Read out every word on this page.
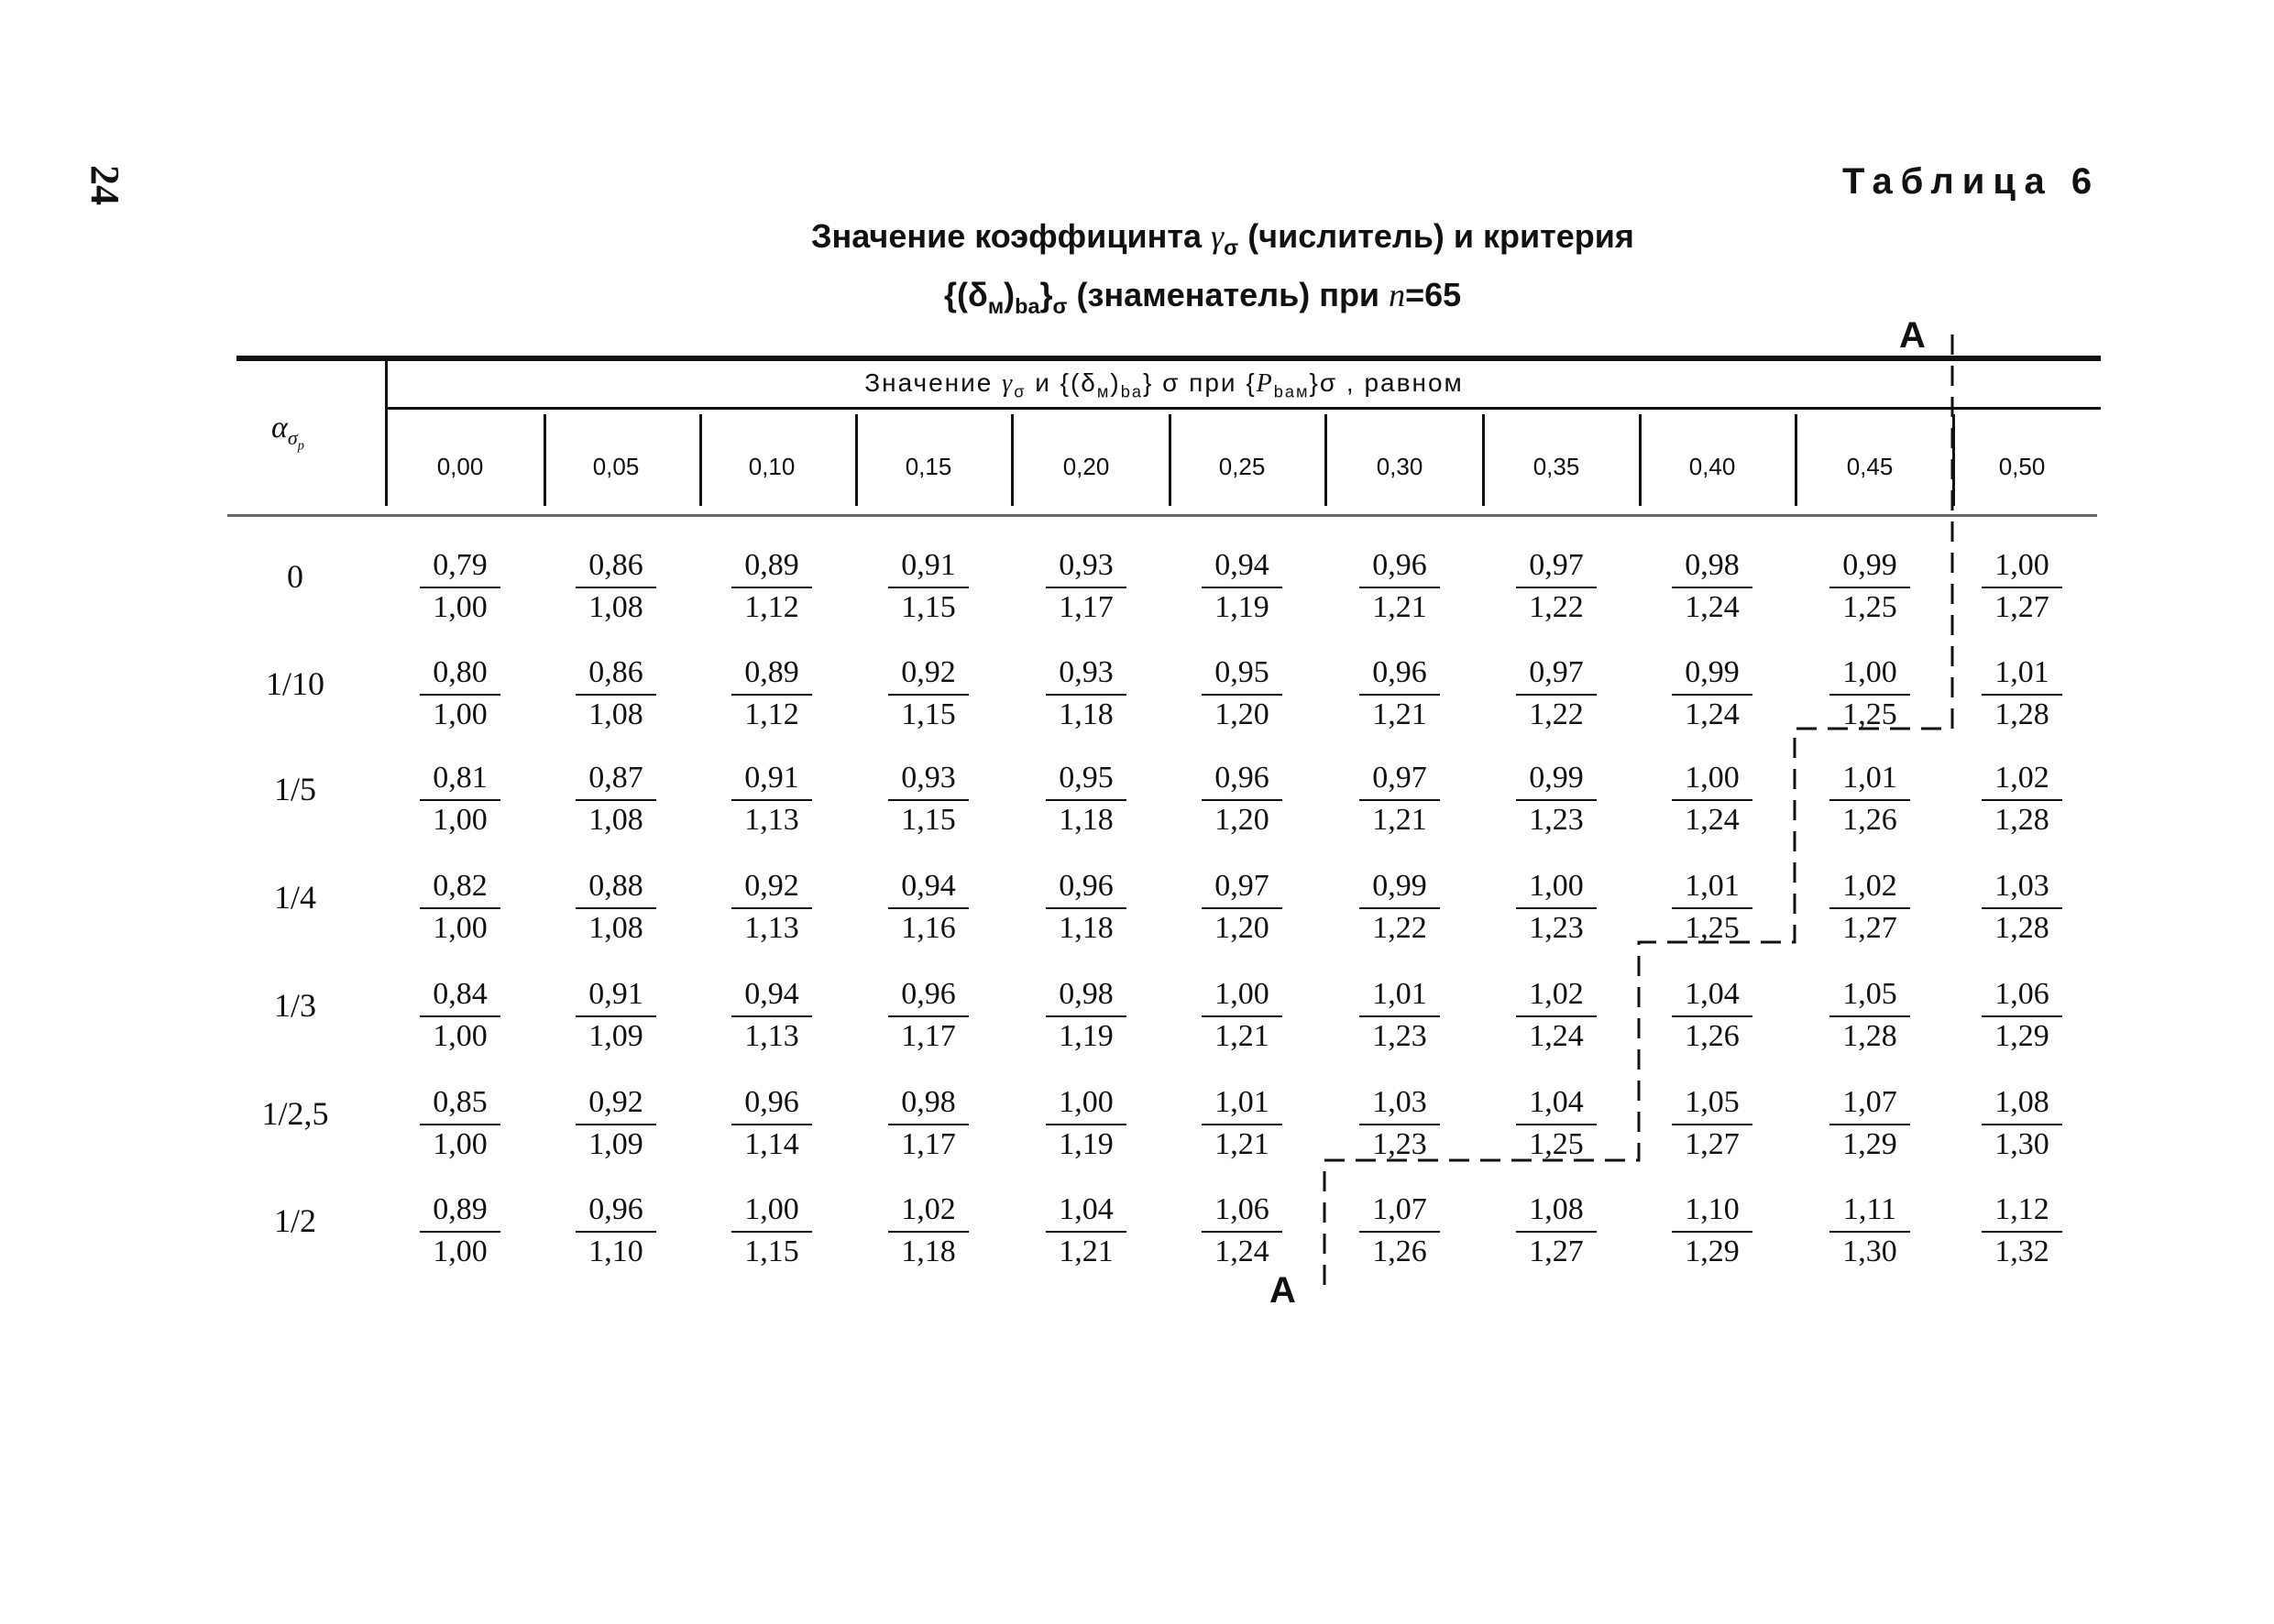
24	Таблица 6
Значение коэффицинта $\gamma_\sigma$ (числитель) и критерия
$\{(\delta_м)_{ba}\}_\sigma$ (знаменатель) при n=65
A
A
Значение $\gamma_\sigma$ и $\{(\delta_м)_{ba}\}$ σ при $\{P_{baм}\}\sigma$ , равном
$\alpha_{\sigma_p}$
0,00	0,05	0,10	0,15	0,20	0,25	0,30	0,35	0,40	0,45	0,50
0	$\frac{0,79}{1,00} \frac{0,86}{1,08} \frac{0,89}{1,12} \frac{0,91}{1,15} \frac{0,93}{1,17} \frac{0,94}{1,19} \frac{0,96}{1,21} \frac{0,97}{1,22} \frac{0,98}{1,24} \frac{0,99}{1,25} \frac{1,00}{1,27}$
1/10	$\frac{0,80}{1,00} \frac{0,86}{1,08} \frac{0,89}{1,12} \frac{0,92}{1,15} \frac{0,93}{1,18} \frac{0,95}{1,20} \frac{0,96}{1,21} \frac{0,97}{1,22} \frac{0,99}{1,24} \frac{1,00}{1,25} \frac{1,01}{1,28}$
1/5	$\frac{0,81}{1,00} \frac{0,87}{1,08} \frac{0,91}{1,13} \frac{0,93}{1,15} \frac{0,95}{1,18} \frac{0,96}{1,20} \frac{0,97}{1,21} \frac{0,99}{1,23} \frac{1,00}{1,24} \frac{1,01}{1,26} \frac{1,02}{1,28}$
1/4	$\frac{0,82}{1,00} \frac{0,88}{1,08} \frac{0,92}{1,13} \frac{0,94}{1,16} \frac{0,96}{1,18} \frac{0,97}{1,20} \frac{0,99}{1,22} \frac{1,00}{1,23} \frac{1,01}{1,25} \frac{1,02}{1,27} \frac{1,03}{1,28}$
1/3	$\frac{0,84}{1,00} \frac{0,91}{1,09} \frac{0,94}{1,13} \frac{0,96}{1,17} \frac{0,98}{1,19} \frac{1,00}{1,21} \frac{1,01}{1,23} \frac{1,02}{1,24} \frac{1,04}{1,26} \frac{1,05}{1,28} \frac{1,06}{1,29}$
1/2,5	$\frac{0,85}{1,00} \frac{0,92}{1,09} \frac{0,96}{1,14} \frac{0,98}{1,17} \frac{1,00}{1,19} \frac{1,01}{1,21} \frac{1,03}{1,23} \frac{1,04}{1,25} \frac{1,05}{1,27} \frac{1,07}{1,29} \frac{1,08}{1,30}$
1/2	$\frac{0,89}{1,00} \frac{0,96}{1,10} \frac{1,00}{1,15} \frac{1,02}{1,18} \frac{1,04}{1,21} \frac{1,06}{1,24} \frac{1,07}{1,26} \frac{1,08}{1,27} \frac{1,10}{1,29} \frac{1,11}{1,30} \frac{1,12}{1,32}$
